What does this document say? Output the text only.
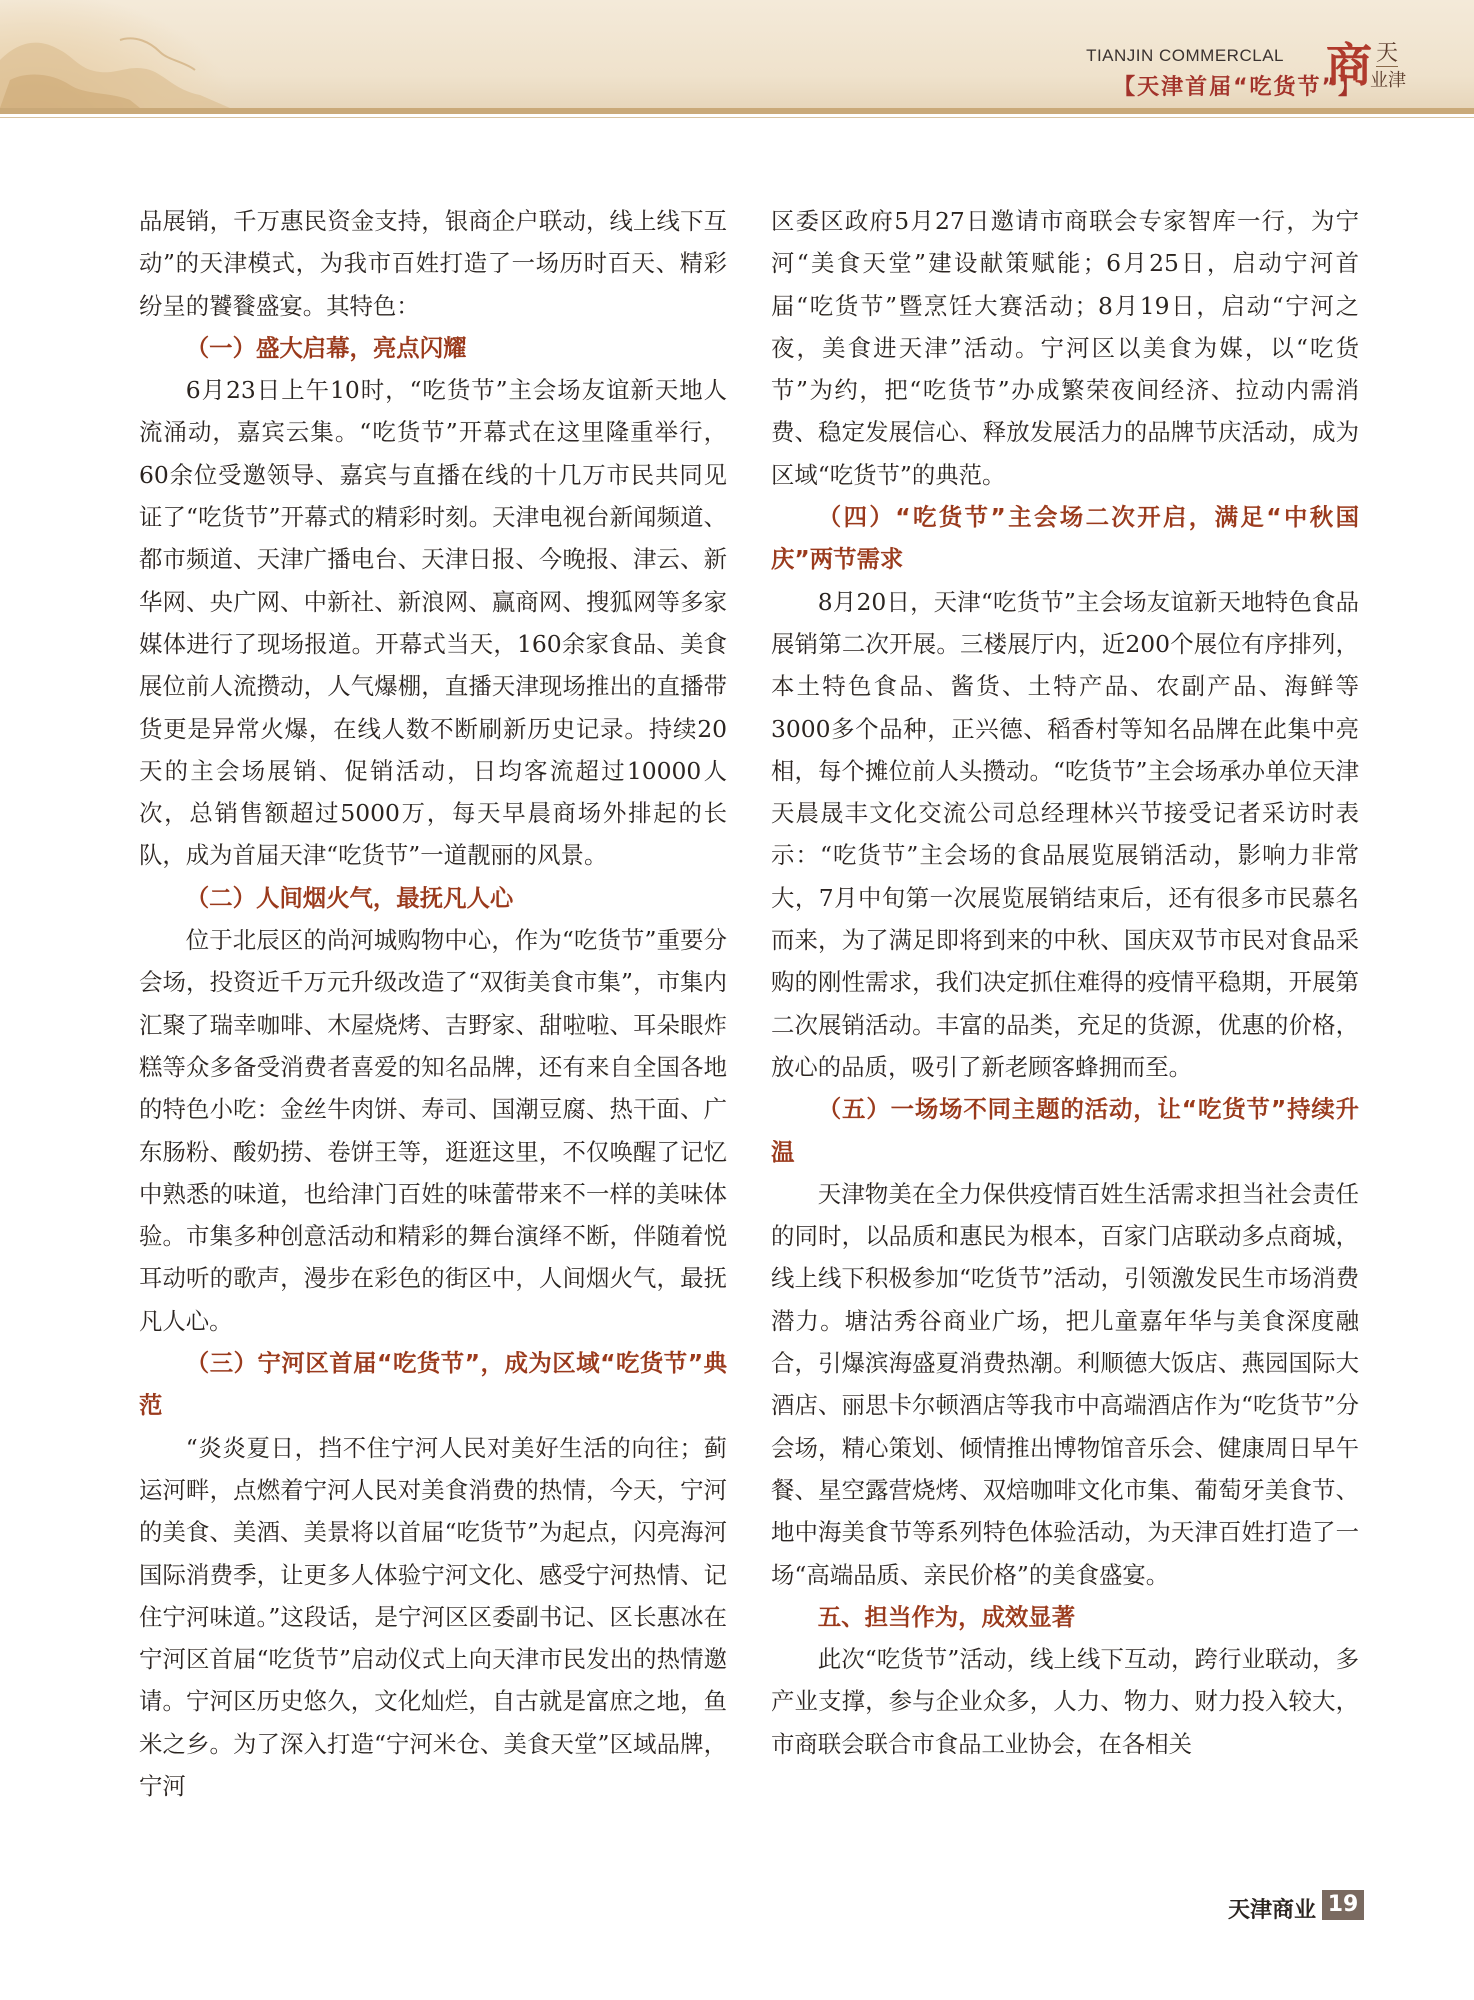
TIANJIN COMMERCLAL
【天津首届“吃货节”】
商 天
业津

品展销，千万惠民资金支持，银商企户联动，线上线下互动”的天津模式，为我市百姓打造了一场历时百天、精彩纷呈的饕餮盛宴。其特色：

（一）盛大启幕，亮点闪耀

6月23日上午10时，“吃货节”主会场友谊新天地人流涌动，嘉宾云集。“吃货节”开幕式在这里隆重举行，60余位受邀领导、嘉宾与直播在线的十几万市民共同见证了“吃货节”开幕式的精彩时刻。天津电视台新闻频道、都市频道、天津广播电台、天津日报、今晚报、津云、新华网、央广网、中新社、新浪网、赢商网、搜狐网等多家媒体进行了现场报道。开幕式当天，160余家食品、美食展位前人流攒动，人气爆棚，直播天津现场推出的直播带货更是异常火爆，在线人数不断刷新历史记录。持续20天的主会场展销、促销活动，日均客流超过10000人次，总销售额超过5000万，每天早晨商场外排起的长队，成为首届天津“吃货节”一道靓丽的风景。

（二）人间烟火气，最抚凡人心

位于北辰区的尚河城购物中心，作为“吃货节”重要分会场，投资近千万元升级改造了“双街美食市集”，市集内汇聚了瑞幸咖啡、木屋烧烤、吉野家、甜啦啦、耳朵眼炸糕等众多备受消费者喜爱的知名品牌，还有来自全国各地的特色小吃：金丝牛肉饼、寿司、国潮豆腐、热干面、广东肠粉、酸奶捞、卷饼王等，逛逛这里，不仅唤醒了记忆中熟悉的味道，也给津门百姓的味蕾带来不一样的美味体验。市集多种创意活动和精彩的舞台演绎不断，伴随着悦耳动听的歌声，漫步在彩色的街区中，人间烟火气，最抚凡人心。

（三）宁河区首届“吃货节”，成为区域“吃货节”典范

“炎炎夏日，挡不住宁河人民对美好生活的向往；蓟运河畔，点燃着宁河人民对美食消费的热情，今天，宁河的美食、美酒、美景将以首届“吃货节”为起点，闪亮海河国际消费季，让更多人体验宁河文化、感受宁河热情、记住宁河味道。”这段话，是宁河区区委副书记、区长惠冰在宁河区首届“吃货节”启动仪式上向天津市民发出的热情邀请。宁河区历史悠久，文化灿烂，自古就是富庶之地，鱼米之乡。为了深入打造“宁河米仓、美食天堂”区域品牌，宁河

区委区政府5月27日邀请市商联会专家智库一行，为宁河“美食天堂”建设献策赋能；6月25日，启动宁河首届“吃货节”暨烹饪大赛活动；8月19日，启动“宁河之夜，美食进天津”活动。宁河区以美食为媒，以“吃货节”为约，把“吃货节”办成繁荣夜间经济、拉动内需消费、稳定发展信心、释放发展活力的品牌节庆活动，成为区域“吃货节”的典范。

（四）“吃货节”主会场二次开启，满足“中秋国庆”两节需求

8月20日，天津“吃货节”主会场友谊新天地特色食品展销第二次开展。三楼展厅内，近200个展位有序排列，本土特色食品、酱货、土特产品、农副产品、海鲜等3000多个品种，正兴德、稻香村等知名品牌在此集中亮相，每个摊位前人头攒动。“吃货节”主会场承办单位天津天晨晟丰文化交流公司总经理林兴节接受记者采访时表示：“吃货节”主会场的食品展览展销活动，影响力非常大，7月中旬第一次展览展销结束后，还有很多市民慕名而来，为了满足即将到来的中秋、国庆双节市民对食品采购的刚性需求，我们决定抓住难得的疫情平稳期，开展第二次展销活动。丰富的品类，充足的货源，优惠的价格，放心的品质，吸引了新老顾客蜂拥而至。

（五）一场场不同主题的活动，让“吃货节”持续升温

天津物美在全力保供疫情百姓生活需求担当社会责任的同时，以品质和惠民为根本，百家门店联动多点商城，线上线下积极参加“吃货节”活动，引领激发民生市场消费潜力。塘沽秀谷商业广场，把儿童嘉年华与美食深度融合，引爆滨海盛夏消费热潮。利顺德大饭店、燕园国际大酒店、丽思卡尔顿酒店等我市中高端酒店作为“吃货节”分会场，精心策划、倾情推出博物馆音乐会、健康周日早午餐、星空露营烧烤、双焙咖啡文化市集、葡萄牙美食节、地中海美食节等系列特色体验活动，为天津百姓打造了一场“高端品质、亲民价格”的美食盛宴。

五、担当作为，成效显著

此次“吃货节”活动，线上线下互动，跨行业联动，多产业支撑，参与企业众多，人力、物力、财力投入较大，市商联会联合市食品工业协会，在各相关

天津商业 19
